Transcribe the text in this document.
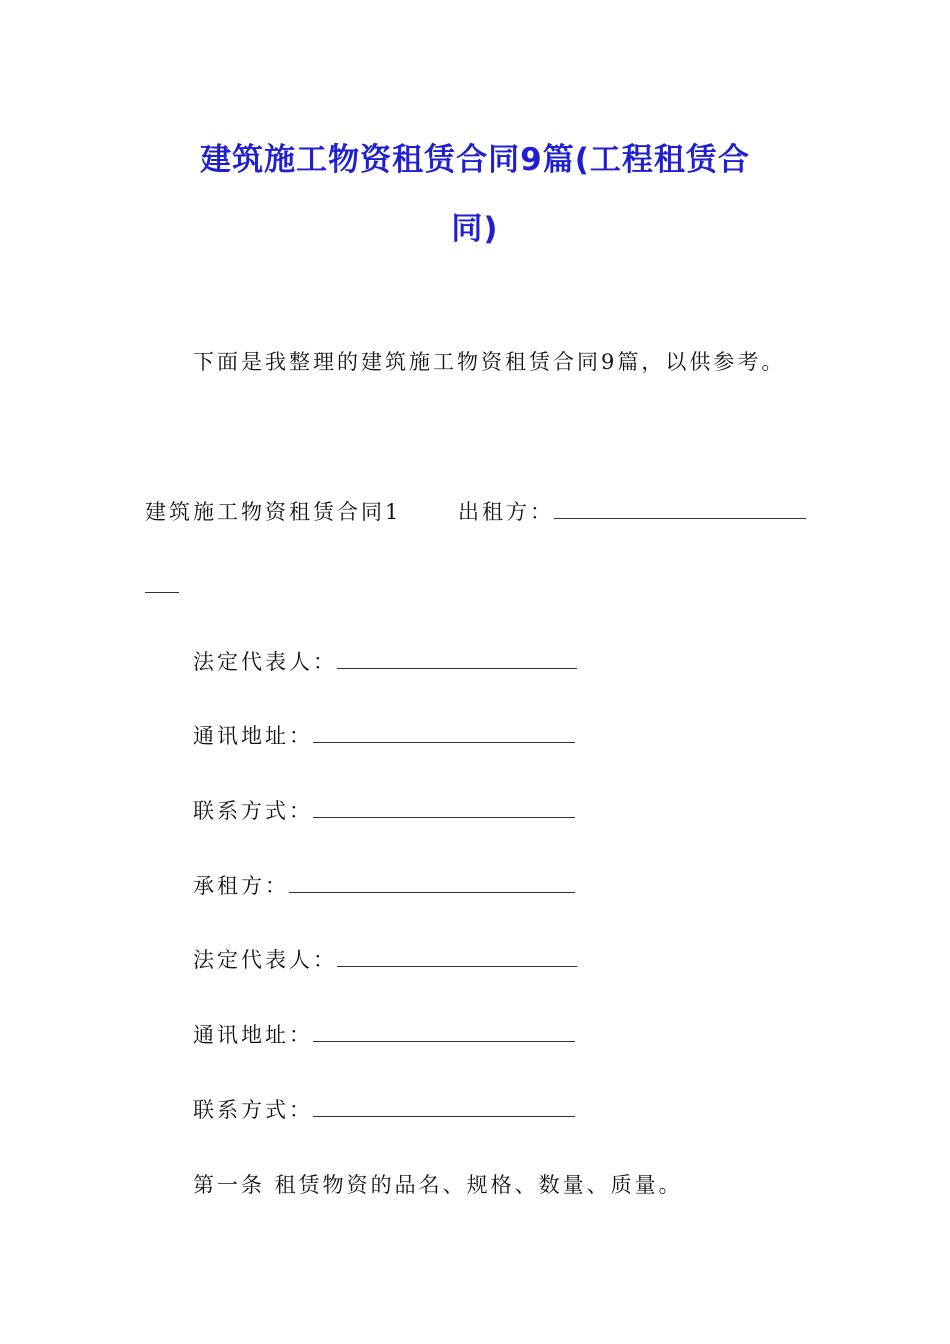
建筑施工物资租赁合同9篇(工程租赁合
同)
下面是我整理的建筑施工物资租赁合同9篇，以供参考。
建筑施工物资租赁合同1	出租方：
法定代表人：
通讯地址：
联系方式：
承租方：
法定代表人：
通讯地址：
联系方式：
第一条 租赁物资的品名、规格、数量、质量。
